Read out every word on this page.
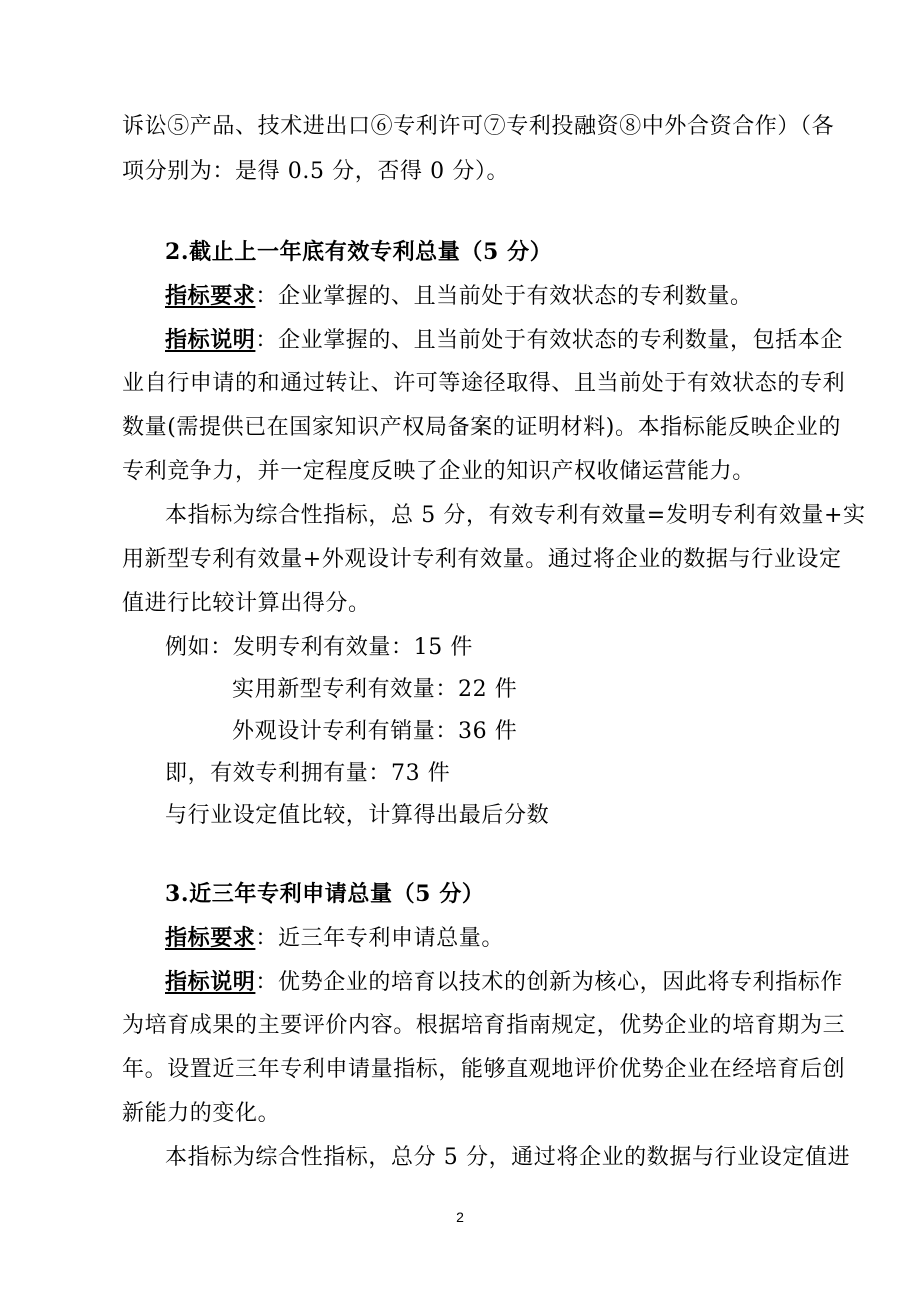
诉讼⑤产品、技术进出口⑥专利许可⑦专利投融资⑧中外合资合作）（各
项分别为：是得 0.5 分，否得 0 分）。
2.截止上一年底有效专利总量（5 分）
指标要求：企业掌握的、且当前处于有效状态的专利数量。
指标说明：企业掌握的、且当前处于有效状态的专利数量，包括本企
业自行申请的和通过转让、许可等途径取得、且当前处于有效状态的专利
数量(需提供已在国家知识产权局备案的证明材料)。本指标能反映企业的
专利竞争力，并一定程度反映了企业的知识产权收储运营能力。
本指标为综合性指标，总 5 分，有效专利有效量=发明专利有效量+实
用新型专利有效量+外观设计专利有效量。通过将企业的数据与行业设定
值进行比较计算出得分。
例如：发明专利有效量：15 件
实用新型专利有效量：22 件
外观设计专利有销量：36 件
即，有效专利拥有量：73 件
与行业设定值比较，计算得出最后分数
3.近三年专利申请总量（5 分）
指标要求：近三年专利申请总量。
指标说明：优势企业的培育以技术的创新为核心，因此将专利指标作
为培育成果的主要评价内容。根据培育指南规定，优势企业的培育期为三
年。设置近三年专利申请量指标，能够直观地评价优势企业在经培育后创
新能力的变化。
本指标为综合性指标，总分 5 分，通过将企业的数据与行业设定值进
2
